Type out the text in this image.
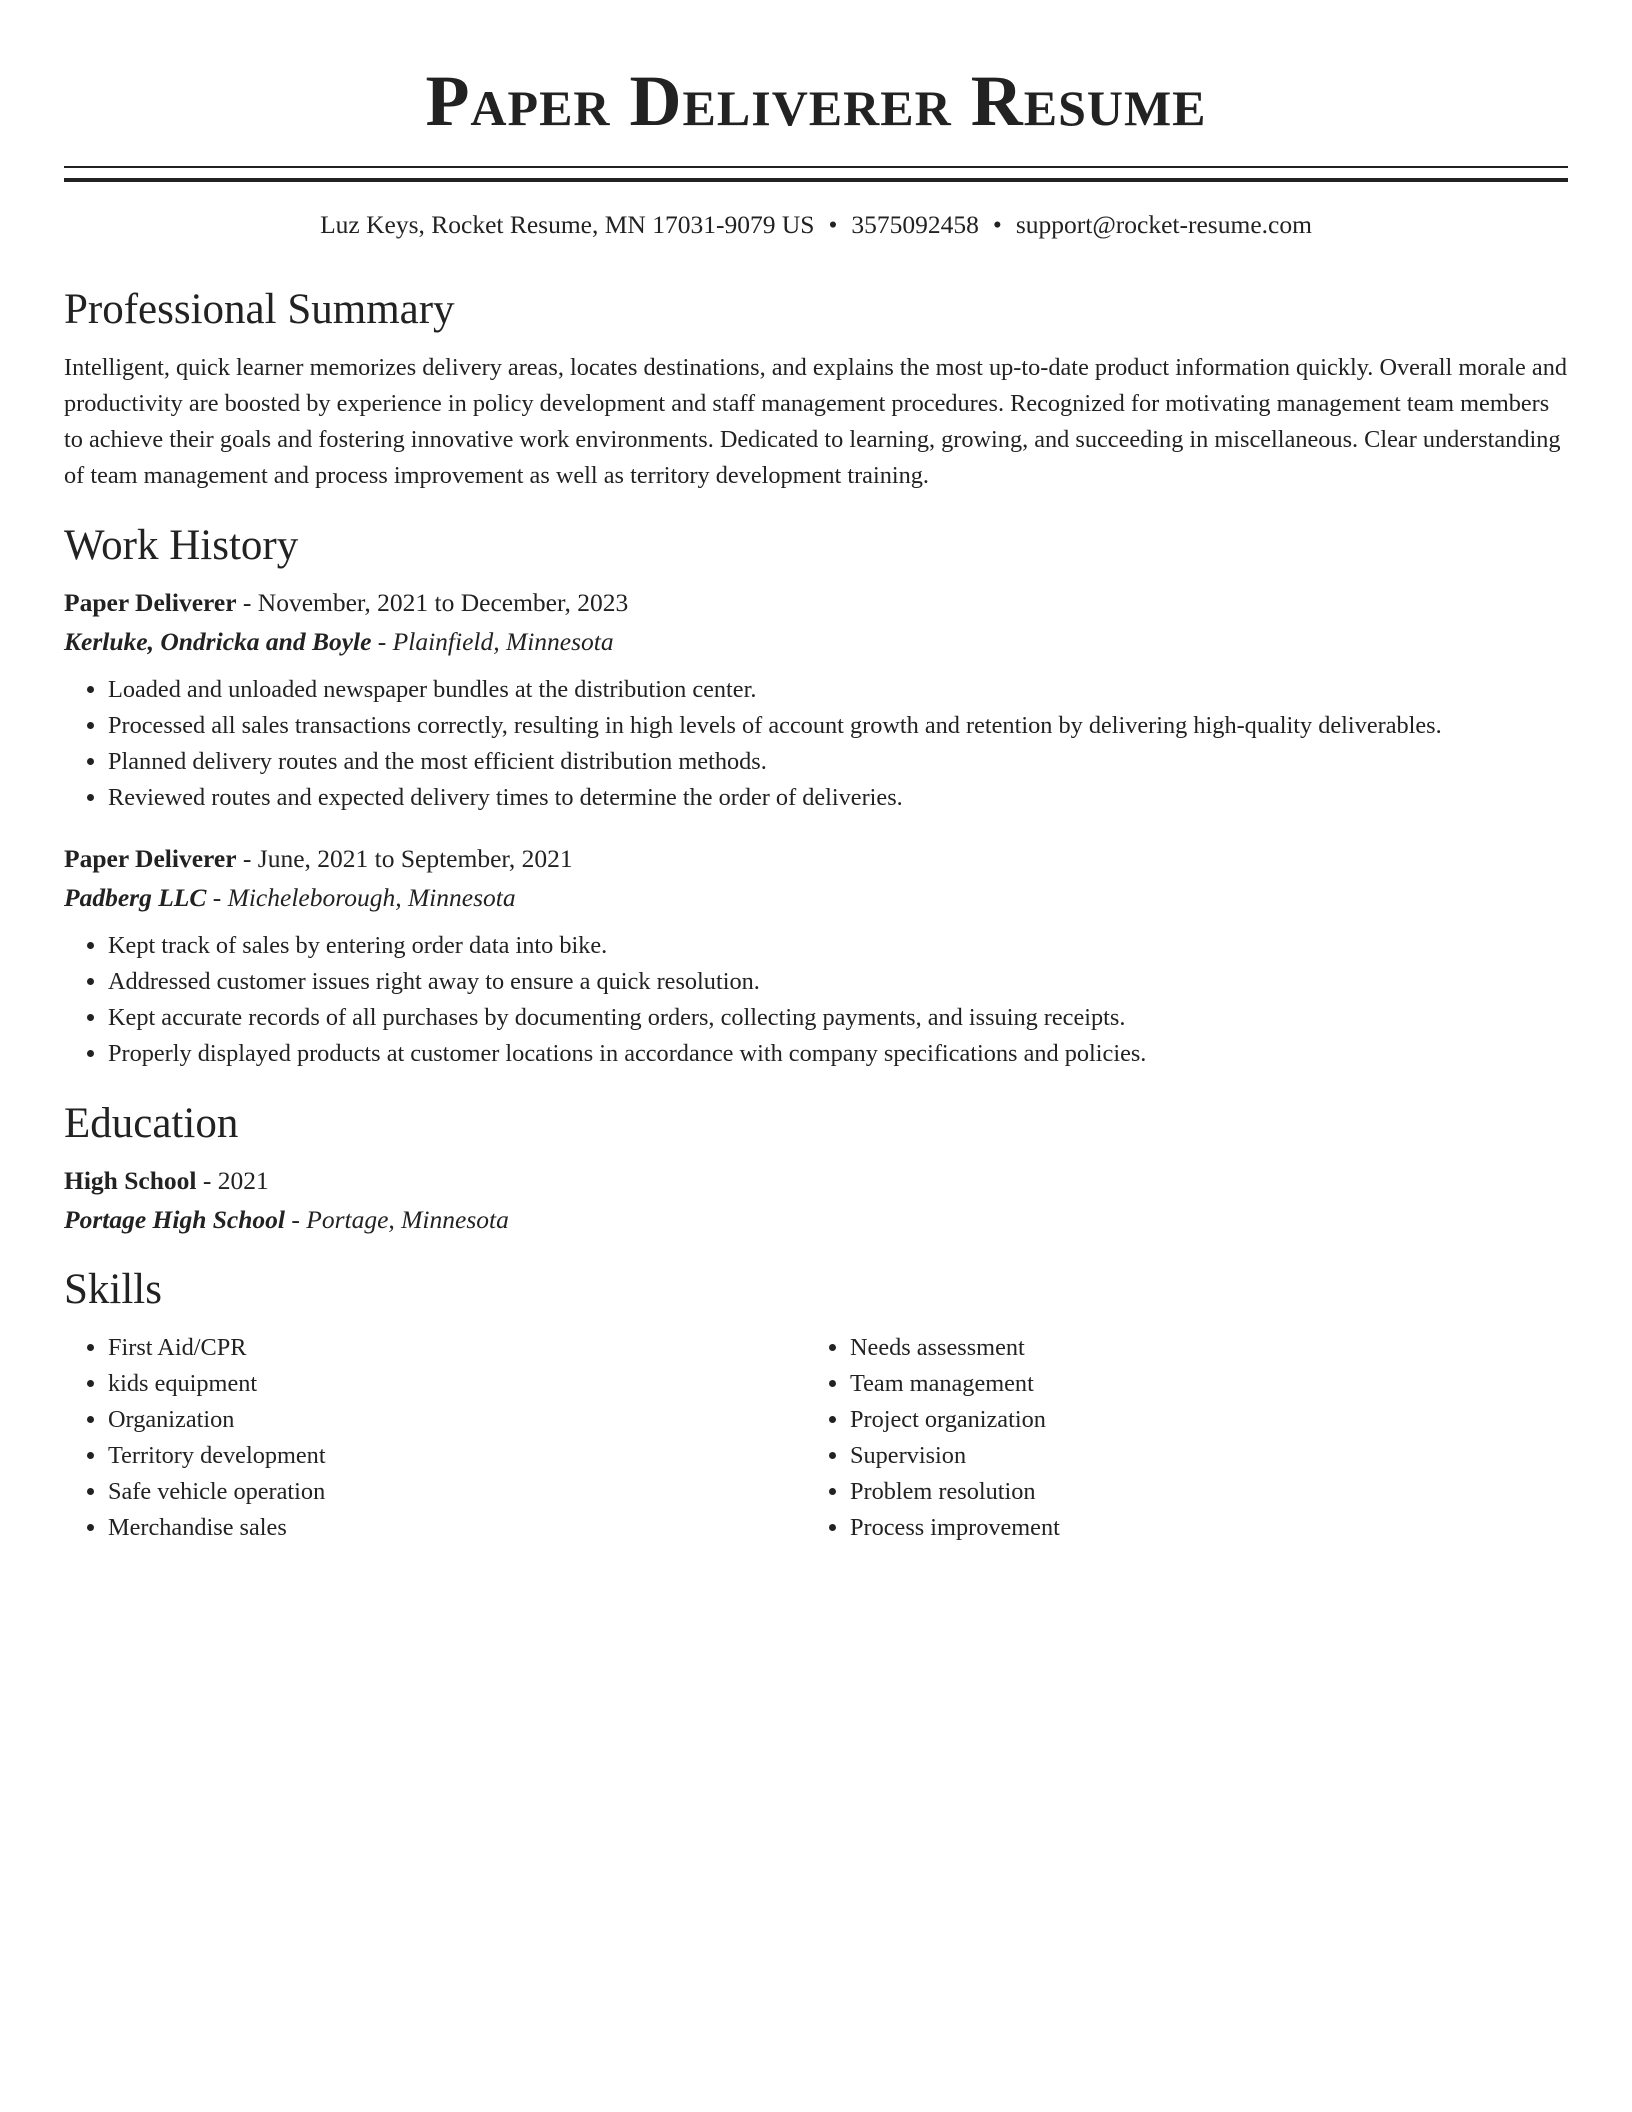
Paper Deliverer Resume
Luz Keys, Rocket Resume, MN 17031-9079 US • 3575092458 • support@rocket-resume.com
Professional Summary

Intelligent, quick learner memorizes delivery areas, locates destinations, and explains the most up-to-date product information quickly. Overall morale and productivity are boosted by experience in policy development and staff management procedures. Recognized for motivating management team members to achieve their goals and fostering innovative work environments. Dedicated to learning, growing, and succeeding in miscellaneous. Clear understanding of team management and process improvement as well as territory development training.

Work History
Paper Deliverer - November, 2021 to December, 2023
Kerluke, Ondricka and Boyle - Plainfield, Minnesota
• Loaded and unloaded newspaper bundles at the distribution center.
• Processed all sales transactions correctly, resulting in high levels of account growth and retention by delivering high-quality deliverables.
• Planned delivery routes and the most efficient distribution methods.
• Reviewed routes and expected delivery times to determine the order of deliveries.
Paper Deliverer - June, 2021 to September, 2021
Padberg LLC - Micheleborough, Minnesota
• Kept track of sales by entering order data into bike.
• Addressed customer issues right away to ensure a quick resolution.
• Kept accurate records of all purchases by documenting orders, collecting payments, and issuing receipts.
• Properly displayed products at customer locations in accordance with company specifications and policies.
Education
High School - 2021
Portage High School - Portage, Minnesota
Skills
• First Aid/CPR
• kids equipment
• Organization
• Territory development
• Safe vehicle operation
• Merchandise sales
• Needs assessment
• Team management
• Project organization
• Supervision
• Problem resolution
• Process improvement
